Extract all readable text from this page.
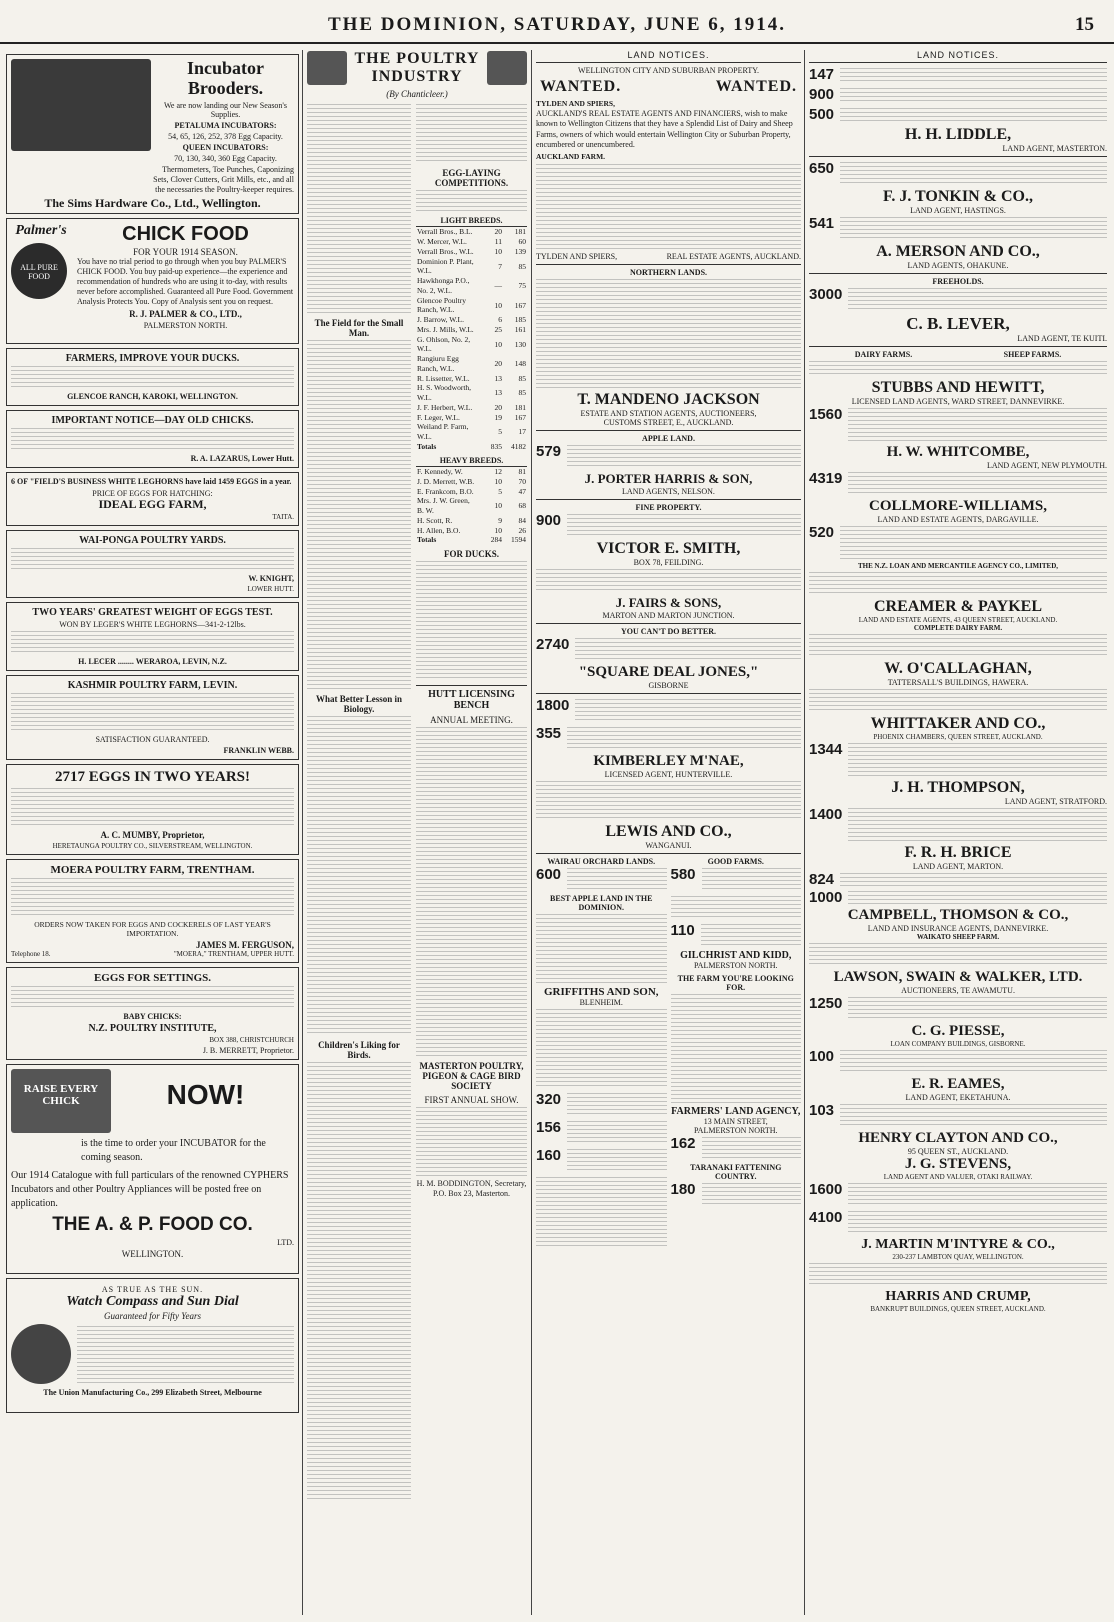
THE DOMINION, SATURDAY, JUNE 6, 1914.	15
Incubator Brooders.
We are now landing our New Season's Supplies.
PETALUMA INCUBATORS:
54, 65, 126, 252, 378 Egg Capacity.
QUEEN INCUBATORS:
70, 130, 340, 360 Egg Capacity.
Thermometers, Toe Punches, Caponizing Sets, Clover Cutters, Grit Mills, etc., and all the necessaries the Poultry-keeper requires.
The Sims Hardware Co., Ltd., Wellington.
Palmer's
ALL PURE FOOD
CHICK FOOD
FOR YOUR 1914 SEASON.
You have no trial period to go through when you buy PALMER'S CHICK FOOD. You buy paid-up experience—the experience and recommendation of hundreds who are using it to-day, with results never before accomplished. Guaranteed all Pure Food. Government Analysis Protects You. Copy of Analysis sent you on request.
R. J. PALMER & CO., LTD.,
PALMERSTON NORTH.
FARMERS, IMPROVE YOUR DUCKS.
GLENCOE RANCH, KAROKI, WELLINGTON.
IMPORTANT NOTICE—DAY OLD CHICKS.
R. A. LAZARUS, Lower Hutt.
6 OF "FIELD'S BUSINESS WHITE LEGHORNS have laid 1459 EGGS in a year.
PRICE OF EGGS FOR HATCHING:
IDEAL EGG FARM,
TAITA.
WAI-PONGA POULTRY YARDS.
W. KNIGHT,
LOWER HUTT.
TWO YEARS' GREATEST WEIGHT OF EGGS TEST.
WON BY LEGER'S WHITE LEGHORNS—341-2-12lbs.
H. LECER ........ WERAROA, LEVIN, N.Z.
KASHMIR POULTRY FARM, LEVIN.
SATISFACTION GUARANTEED.
FRANKLIN WEBB.
2717 EGGS IN TWO YEARS!
A. C. MUMBY, Proprietor,
HERETAUNGA POULTRY CO., SILVERSTREAM, WELLINGTON.
MOERA POULTRY FARM, TRENTHAM.
ORDERS NOW TAKEN FOR EGGS AND COCKERELS OF LAST YEAR'S IMPORTATION.
JAMES M. FERGUSON,
Telephone 18.	"MOERA," TRENTHAM, UPPER HUTT.
EGGS FOR SETTINGS.
BABY CHICKS:
N.Z. POULTRY INSTITUTE,
BOX 388, CHRISTCHURCH
J. B. MERRETT, Proprietor.
RAISE EVERY CHICK	NOW!
is the time to order your INCUBATOR for the coming season.
Our 1914 Catalogue with full particulars of the renowned CYPHERS Incubators and other Poultry Appliances will be posted free on application.
THE A. & P. FOOD CO.
LTD.
WELLINGTON.
AS TRUE AS THE SUN.
Watch Compass and Sun Dial
Guaranteed for Fifty Years
The Union Manufacturing Co., 299 Elizabeth Street, Melbourne
THE POULTRY INDUSTRY
(By Chanticleer.)
The Field for the Small Man.
What Better Lesson in Biology.
Children's Liking for Birds.
EGG-LAYING COMPETITIONS.
LIGHT BREEDS.		
Verrall Bros., B.L.	20	181
W. Mercer, W.L.	11	60
Verrall Bros., W.L.	10	139
Dominion P. Plant, W.L.	7	85
Hawkhonga P.O., No. 2, W.L.	—	75
Glencoe Poultry Ranch, W.L.	10	167
J. Barrow, W.L.	6	185
Mrs. J. Mills, W.L.	25	161
G. Ohlson, No. 2, W.L.	10	130
Rangiuru Egg Ranch, W.L.	20	148
R. Lissetter, W.L.	13	85
H. S. Woodworth, W.L.	13	85
J. F. Herbert, W.L.	20	181
F. Leger, W.L.	19	167
Weiland P. Farm, W.L.	5	17
Totals	835	4182
HEAVY BREEDS.		
F. Kennedy, W.	12	81
J. D. Merrett, W.B.	10	70
E. Frankcom, B.O.	5	47
Mrs. J. W. Green, B. W.	10	68
H. Scott, R.	9	84
H. Allen, B.O.	10	26
Totals	284	1594
FOR DUCKS.
HUTT LICENSING BENCH
ANNUAL MEETING.
MASTERTON POULTRY, PIGEON & CAGE BIRD SOCIETY
FIRST ANNUAL SHOW.
H. M. BODDINGTON, Secretary, P.O. Box 23, Masterton.
LAND NOTICES.
WELLINGTON CITY AND SUBURBAN PROPERTY.
WANTED.	WANTED.
TYLDEN AND SPIERS,
AUCKLAND'S REAL ESTATE AGENTS AND FINANCIERS, wish to make known to Wellington Citizens that they have a Splendid List of Dairy and Sheep Farms, owners of which would entertain Wellington City or Suburban Property, encumbered or unencumbered.
AUCKLAND FARM.
TYLDEN AND SPIERS,	REAL ESTATE AGENTS, AUCKLAND.
NORTHERN LANDS.
T. MANDENO JACKSON
ESTATE AND STATION AGENTS, AUCTIONEERS,
CUSTOMS STREET, E., AUCKLAND.
APPLE LAND.
579
J. PORTER HARRIS & SON,
LAND AGENTS, NELSON.
FINE PROPERTY.
900
VICTOR E. SMITH,
BOX 78, FEILDING.
J. FAIRS & SONS,
MARTON AND MARTON JUNCTION.
YOU CAN'T DO BETTER.
2740
"SQUARE DEAL JONES,"
GISBORNE
1800
355
KIMBERLEY M'NAE,
LICENSED AGENT, HUNTERVILLE.
LEWIS AND CO.,
WANGANUI.
WAIRAU ORCHARD LANDS.
600
BEST APPLE LAND IN THE DOMINION.
GRIFFITHS AND SON,
BLENHEIM.
320
156
160
GOOD FARMS.
580
110
GILCHRIST AND KIDD,
PALMERSTON NORTH.
THE FARM YOU'RE LOOKING FOR.
FARMERS' LAND AGENCY,
13 MAIN STREET,
PALMERSTON NORTH.
162
TARANAKI FATTENING COUNTRY.
180
LAND NOTICES.
147
900
500
H. H. LIDDLE,
LAND AGENT, MASTERTON.
650
F. J. TONKIN & CO.,
LAND AGENT, HASTINGS.
541
A. MERSON AND CO.,
LAND AGENTS, OHAKUNE.
FREEHOLDS.
3000
C. B. LEVER,
LAND AGENT, TE KUITI.
DAIRY FARMS.	SHEEP FARMS.
STUBBS AND HEWITT,
LICENSED LAND AGENTS, WARD STREET, DANNEVIRKE.
1560
H. W. WHITCOMBE,
LAND AGENT, NEW PLYMOUTH.
4319
COLLMORE-WILLIAMS,
LAND AND ESTATE AGENTS, DARGAVILLE.
520
THE N.Z. LOAN AND MERCANTILE AGENCY CO., LIMITED,
CREAMER & PAYKEL
LAND AND ESTATE AGENTS, 43 QUEEN STREET, AUCKLAND.
COMPLETE DAIRY FARM.
W. O'CALLAGHAN,
TATTERSALL'S BUILDINGS, HAWERA.
WHITTAKER AND CO.,
PHOENIX CHAMBERS, QUEEN STREET, AUCKLAND.
1344
J. H. THOMPSON,
LAND AGENT, STRATFORD.
1400
F. R. H. BRICE
LAND AGENT, MARTON.
824
1000
CAMPBELL, THOMSON & CO.,
LAND AND INSURANCE AGENTS, DANNEVIRKE.
WAIKATO SHEEP FARM.
LAWSON, SWAIN & WALKER, LTD.
AUCTIONEERS, TE AWAMUTU.
1250
C. G. PIESSE,
LOAN COMPANY BUILDINGS, GISBORNE.
100
E. R. EAMES,
LAND AGENT, EKETAHUNA.
103
HENRY CLAYTON AND CO.,
95 QUEEN ST., AUCKLAND.
J. G. STEVENS,
LAND AGENT AND VALUER, OTAKI RAILWAY.
1600
4100
J. MARTIN M'INTYRE & CO.,
230-237 LAMBTON QUAY, WELLINGTON.
HARRIS AND CRUMP,
BANKRUPT BUILDINGS, QUEEN STREET, AUCKLAND.
